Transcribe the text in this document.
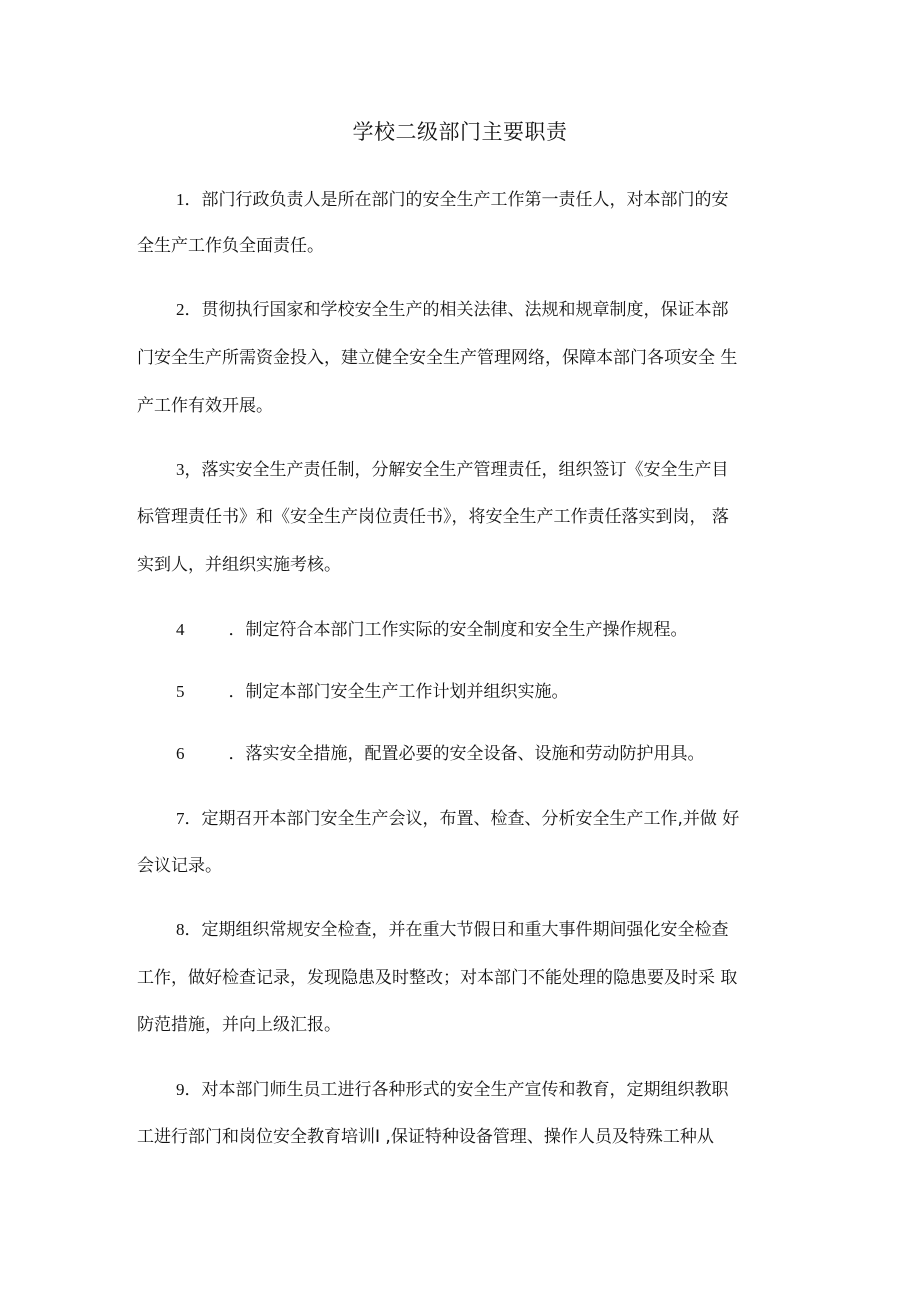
学校二级部门主要职责
1．部门行政负责人是所在部门的安全生产工作第一责任人，对本部门的安
全生产工作负全面责任。
2．贯彻执行国家和学校安全生产的相关法律、法规和规章制度，保证本部
门安全生产所需资金投入，建立健全安全生产管理网络，保障本部门各项安全 生
产工作有效开展。
3，落实安全生产责任制，分解安全生产管理责任，组织签订《安全生产目
标管理责任书》和《安全生产岗位责任书》，将安全生产工作责任落实到岗， 落
实到人，并组织实施考核。
4	．制定符合本部门工作实际的安全制度和安全生产操作规程。
5	．制定本部门安全生产工作计划并组织实施。
6	．落实安全措施，配置必要的安全设备、设施和劳动防护用具。
7．定期召开本部门安全生产会议，布置、检查、分析安全生产工作,并做 好
会议记录。
8．定期组织常规安全检查，并在重大节假日和重大事件期间强化安全检查
工作，做好检查记录，发现隐患及时整改；对本部门不能处理的隐患要及时采 取
防范措施，并向上级汇报。
9．对本部门师生员工进行各种形式的安全生产宣传和教育，定期组织教职
工进行部门和岗位安全教育培训I ,保证特种设备管理、操作人员及特殊工种从
